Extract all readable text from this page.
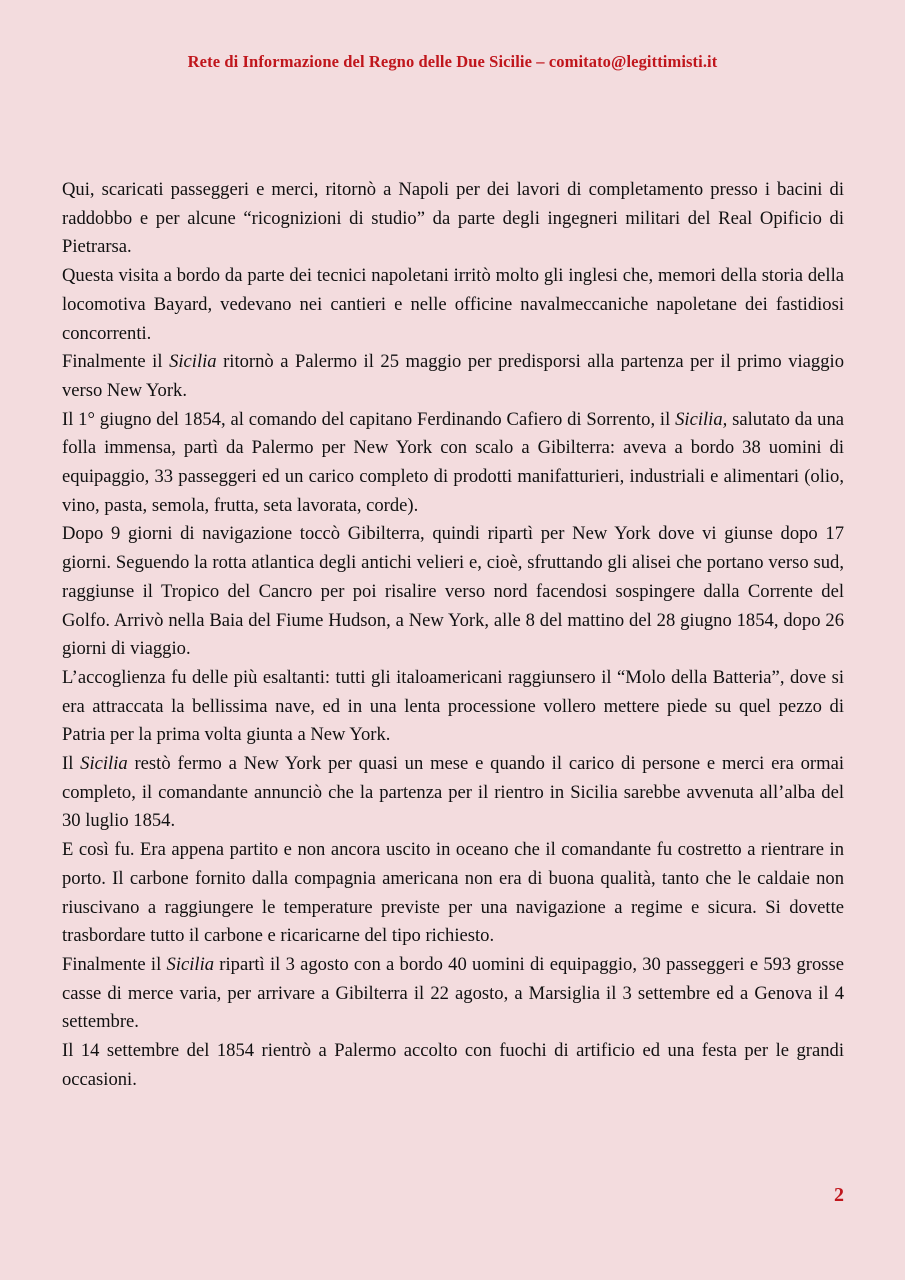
Rete di Informazione del Regno delle Due Sicilie – comitato@legittimisti.it

Qui, scaricati passeggeri e merci, ritornò a Napoli per dei lavori di completamento presso i bacini di raddobbo e per alcune “ricognizioni di studio” da parte degli ingegneri militari del Real Opificio di Pietrarsa.

Questa visita a bordo da parte dei tecnici napoletani irritò molto gli inglesi che, memori della storia della locomotiva Bayard, vedevano nei cantieri e nelle officine navalmeccaniche napoletane dei fastidiosi concorrenti.

Finalmente il Sicilia ritornò a Palermo il 25 maggio per predisporsi alla partenza per il primo viaggio verso New York.

Il 1° giugno del 1854, al comando del capitano Ferdinando Cafiero di Sorrento, il Sicilia, salutato da una folla immensa, partì da Palermo per New York con scalo a Gibilterra: aveva a bordo 38 uomini di equipaggio, 33 passeggeri ed un carico completo di prodotti manifatturieri, industriali e alimentari (olio, vino, pasta, semola, frutta, seta lavorata, corde).

Dopo 9 giorni di navigazione toccò Gibilterra, quindi ripartì per New York dove vi giunse dopo 17 giorni. Seguendo la rotta atlantica degli antichi velieri e, cioè, sfruttando gli alisei che portano verso sud, raggiunse il Tropico del Cancro per poi risalire verso nord facendosi sospingere dalla Corrente del Golfo. Arrivò nella Baia del Fiume Hudson, a New York, alle 8 del mattino del 28 giugno 1854, dopo 26 giorni di viaggio.

L’accoglienza fu delle più esaltanti: tutti gli italoamericani raggiunsero il “Molo della Batteria”, dove si era attraccata la bellissima nave, ed in una lenta processione vollero mettere piede su quel pezzo di Patria per la prima volta giunta a New York.

Il Sicilia restò fermo a New York per quasi un mese e quando il carico di persone e merci era ormai completo, il comandante annunciò che la partenza per il rientro in Sicilia sarebbe avvenuta all’alba del 30 luglio 1854.

E così fu. Era appena partito e non ancora uscito in oceano che il comandante fu costretto a rientrare in porto. Il carbone fornito dalla compagnia americana non era di buona qualità, tanto che le caldaie non riuscivano a raggiungere le temperature previste per una navigazione a regime e sicura. Si dovette trasbordare tutto il carbone e ricaricarne del tipo richiesto.

Finalmente il Sicilia ripartì il 3 agosto con a bordo 40 uomini di equipaggio, 30 passeggeri e 593 grosse casse di merce varia, per arrivare a Gibilterra il 22 agosto, a Marsiglia il 3 settembre ed a Genova il 4 settembre.

Il 14 settembre del 1854 rientrò a Palermo accolto con fuochi di artificio ed una festa per le grandi occasioni.

2
